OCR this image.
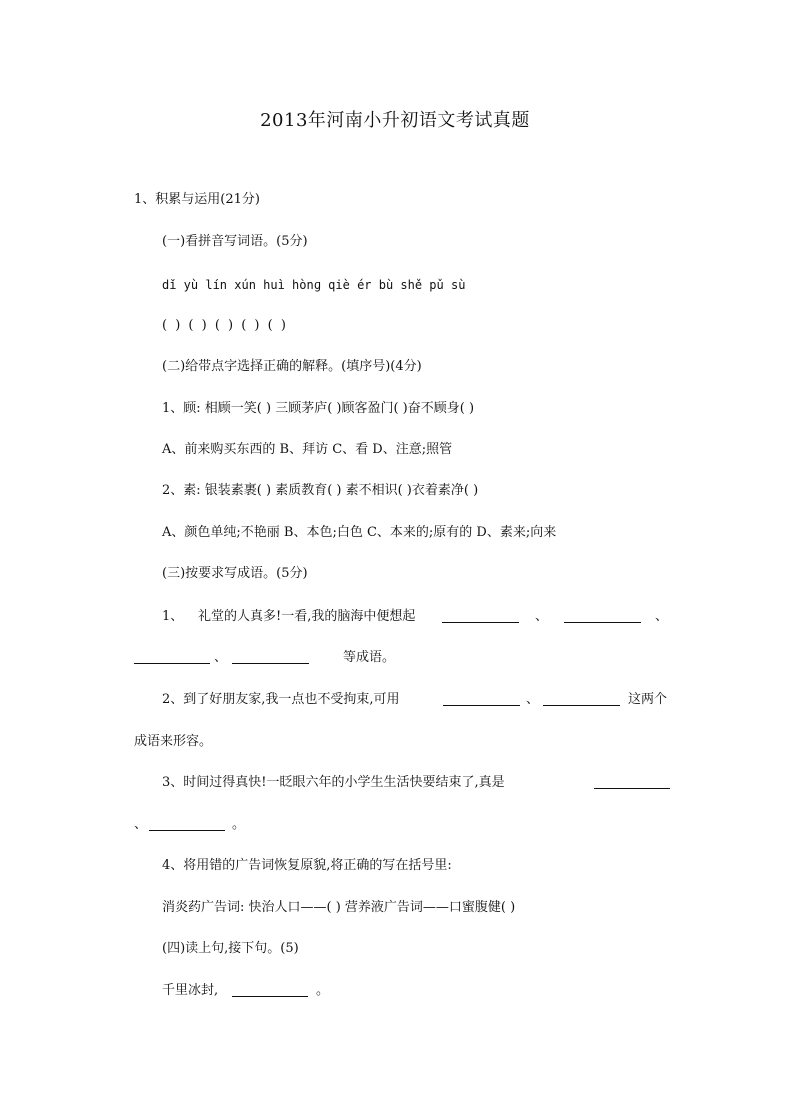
2013年河南小升初语文考试真题
1、积累与运用(21分)
(一)看拼音写词语。(5分)
dǐ yù lín xún huì hònɡ qiè ér bù shě pǔ sù
( ) ( ) ( ) ( ) ( )
(二)给带点字选择正确的解释。(填序号)(4分)
1、顾: 相顾一笑( ) 三顾茅庐( )顾客盈门( )奋不顾身( )
A、前来购买东西的 B、拜访 C、看 D、注意;照管
2、素: 银装素裹( ) 素质教育( ) 素不相识( )衣着素净( )
A、颜色单纯;不艳丽 B、本色;白色 C、本来的;原有的 D、素来;向来
(三)按要求写成语。(5分)
1、 礼堂的人真多!一看,我的脑海中便想起	、	、
、	等成语。
2、到了好朋友家,我一点也不受拘束,可用	、	这两个
成语来形容。
3、时间过得真快!一眨眼六年的小学生生活快要结束了,真是
、	。
4、将用错的广告词恢复原貌,将正确的写在括号里:
消炎药广告词: 快治人口——( ) 营养液广告词——口蜜腹健( )
(四)读上句,接下句。(5)
千里冰封,	。
